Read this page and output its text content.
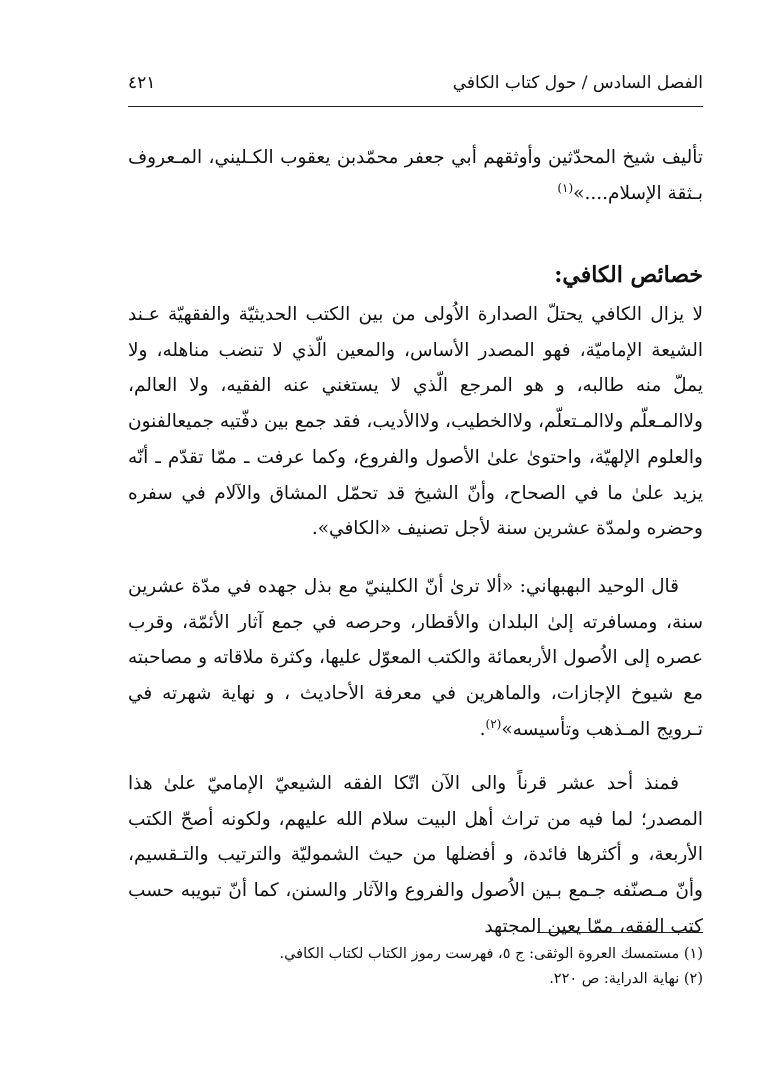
الفصل السادس / حول كتاب الكافي
٤٢١

تأليف شيخ المحدّثين وأوثقهم أبي جعفر محمّدبن يعقوب الكـليني، المـعروف بـثقة الإسلام....»$^{(١)}$

خصائص الكافي:

لا يزال الكافي يحتلّ الصدارة الاُولى من بين الكتب الحديثيّة والفقهيّة عـند الشيعة الإماميّة، فهو المصدر الأساس، والمعين الّذي لا تنضب مناهله، ولا يملّ منه طالبه، و هو المرجع الّذي لا يستغني عنه الفقيه، ولا العالم، ولاالمـعلّم ولاالمـتعلّم، ولاالخطيب، ولاالأديب، فقد جمع بين دفّتيه جميعالفنون والعلوم الإلهيّة، واحتوىٰ علىٰ الأصول والفروع، وكما عرفت ـ ممّا تقدّم ـ أنّه يزيد علىٰ ما في الصحاح، وأنّ الشيخ قد تحمّل المشاق والآلام في سفره وحضره ولمدّة عشرين سنة لأجل تصنيف «الكافي».

قال الوحيد البهبهاني: «ألا ترىٰ أنّ الكلينيّ مع بذل جهده في مدّة عشرين سنة، ومسافرته إلىٰ البلدان والأقطار، وحرصه في جمع آثار الأئمّة، وقرب عصره إلى الاُصول الأربعمائة والكتب المعوّل عليها، وكثرة ملاقاته و مصاحبته مع شيوخ الإجازات، والماهرين في معرفة الأحاديث ، و نهاية شهرته في تـرويج المـذهب وتأسيسه»$^{(٢)}$.

فمنذ أحد عشر قرناً والى الآن اتّكا الفقه الشيعيّ الإماميّ علىٰ هذا المصدر؛ لما فيه من تراث أهل البيت سلام الله عليهم، ولكونه أصحّ الكتب الأربعة، و أكثرها فائدة، و أفضلها من حيث الشموليّة والترتيب والتـقسيم، وأنّ مـصنّفه جـمع بـين الاُصول والفروع والآثار والسنن، كما أنّ تبويبه حسب كتب الفقه، ممّا يعين المجتهد

(١) مستمسك العروة الوثقى: ج ٥، فهرست رموز الكتاب لكتاب الكافي.

(٢) نهاية الدراية: ص ٢٢٠.
